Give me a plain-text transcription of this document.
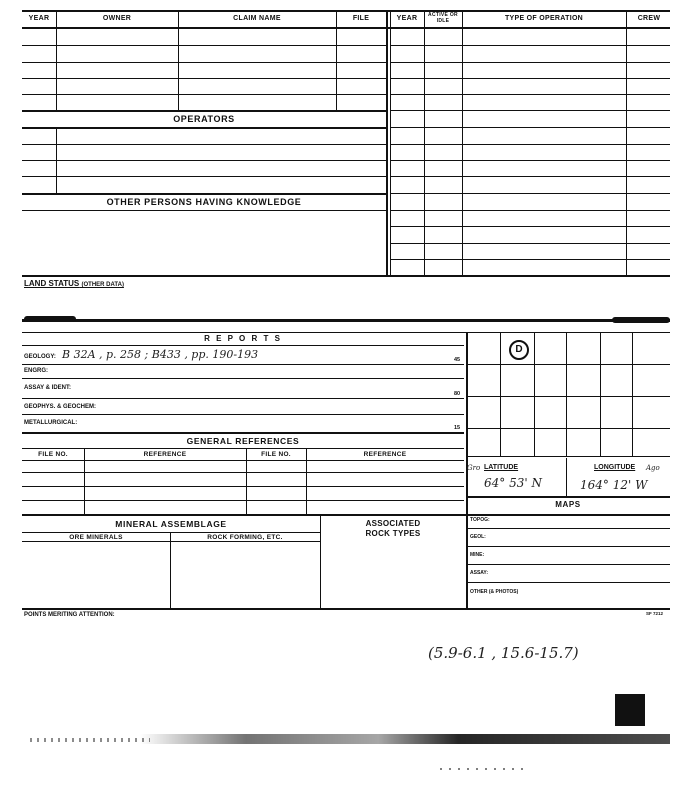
YEAR	OWNER	CLAIM NAME	FILE	YEAR	ACTIVE OR IDLE	TYPE OF OPERATION	CREW
OPERATORS
OTHER PERSONS HAVING KNOWLEDGE
LAND STATUS (OTHER DATA)
R E P O R T S
GEOLOGY: B 32A , p. 258 ; B433 , pp. 190-193	45
ENGRG:
ASSAY & IDENT:
80
GEOPHYS. & GEOCHEM:
METALLURGICAL:
15
GENERAL REFERENCES
FILE NO.	REFERENCE	FILE NO.	REFERENCE
D
Gro LATITUDE	LONGITUDE Ago
64° 53' N	164° 12' W
MAPS
TOPOG:
GEOL:
MINE:
ASSAY:
OTHER (& PHOTOS)
MINERAL ASSEMBLAGE
ORE MINERALS	ROCK FORMING, ETC.
ASSOCIATED
ROCK TYPES
POINTS MERITING ATTENTION:	SF 7212
(5.9-6.1 , 15.6-15.7)
